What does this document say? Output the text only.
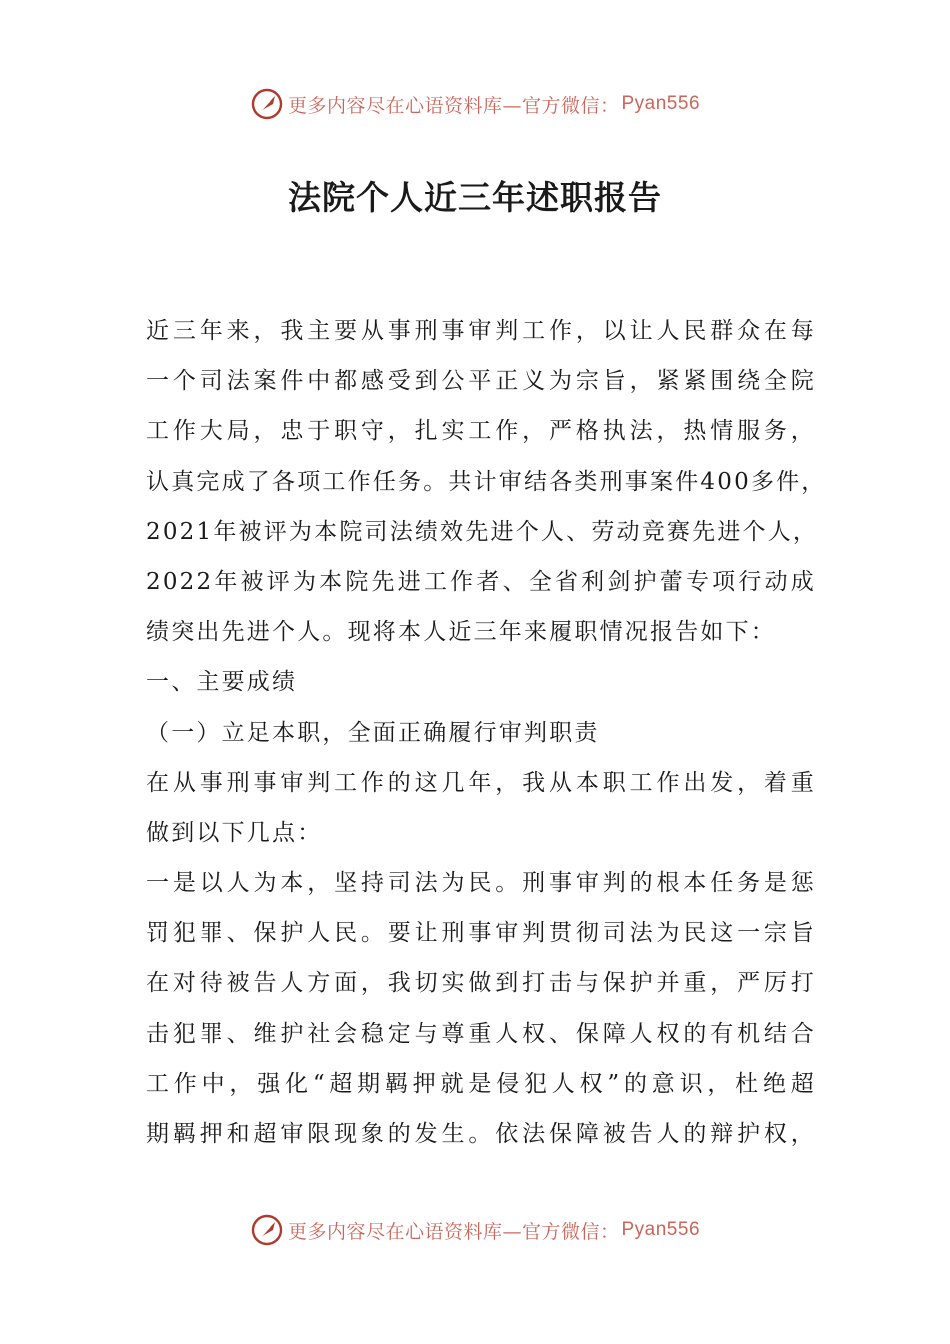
更多内容尽在心语资料库—官方微信： Pyan556
法院个人近三年述职报告
近三年来，我主要从事刑事审判工作，以让人民群众在每
一个司法案件中都感受到公平正义为宗旨，紧紧围绕全院
工作大局，忠于职守，扎实工作，严格执法，热情服务，
认真完成了各项工作任务。共计审结各类刑事案件400多件，
2021年被评为本院司法绩效先进个人、劳动竞赛先进个人，
2022年被评为本院先进工作者、全省利剑护蕾专项行动成
绩突出先进个人。现将本人近三年来履职情况报告如下：
一、主要成绩
（一）立足本职，全面正确履行审判职责
在从事刑事审判工作的这几年，我从本职工作出发，着重
做到以下几点：
一是以人为本，坚持司法为民。刑事审判的根本任务是惩
罚犯罪、保护人民。要让刑事审判贯彻司法为民这一宗旨
在对待被告人方面，我切实做到打击与保护并重，严厉打
击犯罪、维护社会稳定与尊重人权、保障人权的有机结合
工作中，强化“超期羁押就是侵犯人权”的意识，杜绝超
期羁押和超审限现象的发生。依法保障被告人的辩护权，
更多内容尽在心语资料库—官方微信： Pyan556
